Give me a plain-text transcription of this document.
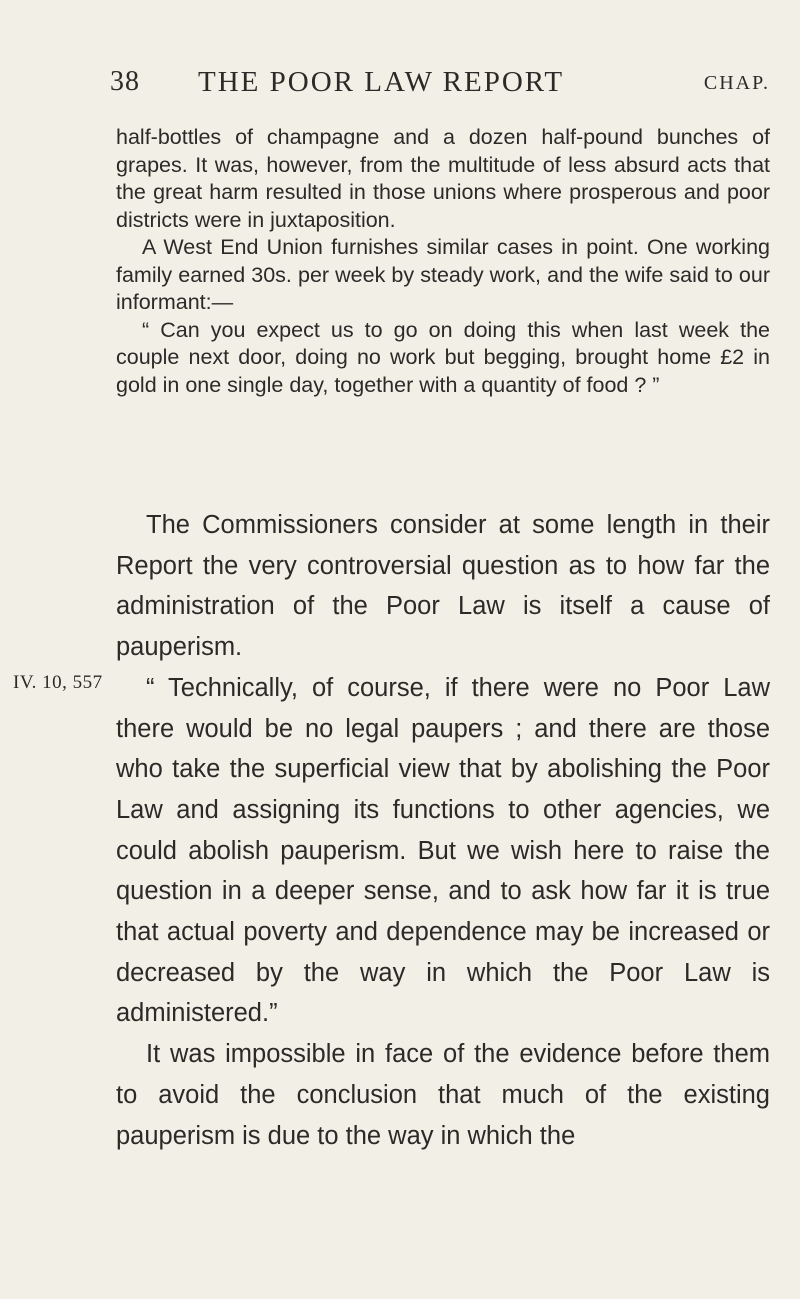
38 THE POOR LAW REPORT	CHAP.

half-bottles of champagne and a dozen half-pound bunches of grapes. It was, however, from the multitude of less absurd acts that the great harm resulted in those unions where prosperous and poor districts were in juxtaposition.

A West End Union furnishes similar cases in point. One working family earned 30s. per week by steady work, and the wife said to our informant:—

“ Can you expect us to go on doing this when last week the couple next door, doing no work but begging, brought home £2 in gold in one single day, together with a quantity of food ? ”

IV. 10, 557

The Commissioners consider at some length in their Report the very controversial question as to how far the administration of the Poor Law is itself a cause of pauperism.

“ Technically, of course, if there were no Poor Law there would be no legal paupers ; and there are those who take the superficial view that by abolishing the Poor Law and assigning its functions to other agencies, we could abolish pauperism. But we wish here to raise the question in a deeper sense, and to ask how far it is true that actual poverty and dependence may be increased or decreased by the way in which the Poor Law is administered.”

It was impossible in face of the evidence before them to avoid the conclusion that much of the existing pauperism is due to the way in which the
